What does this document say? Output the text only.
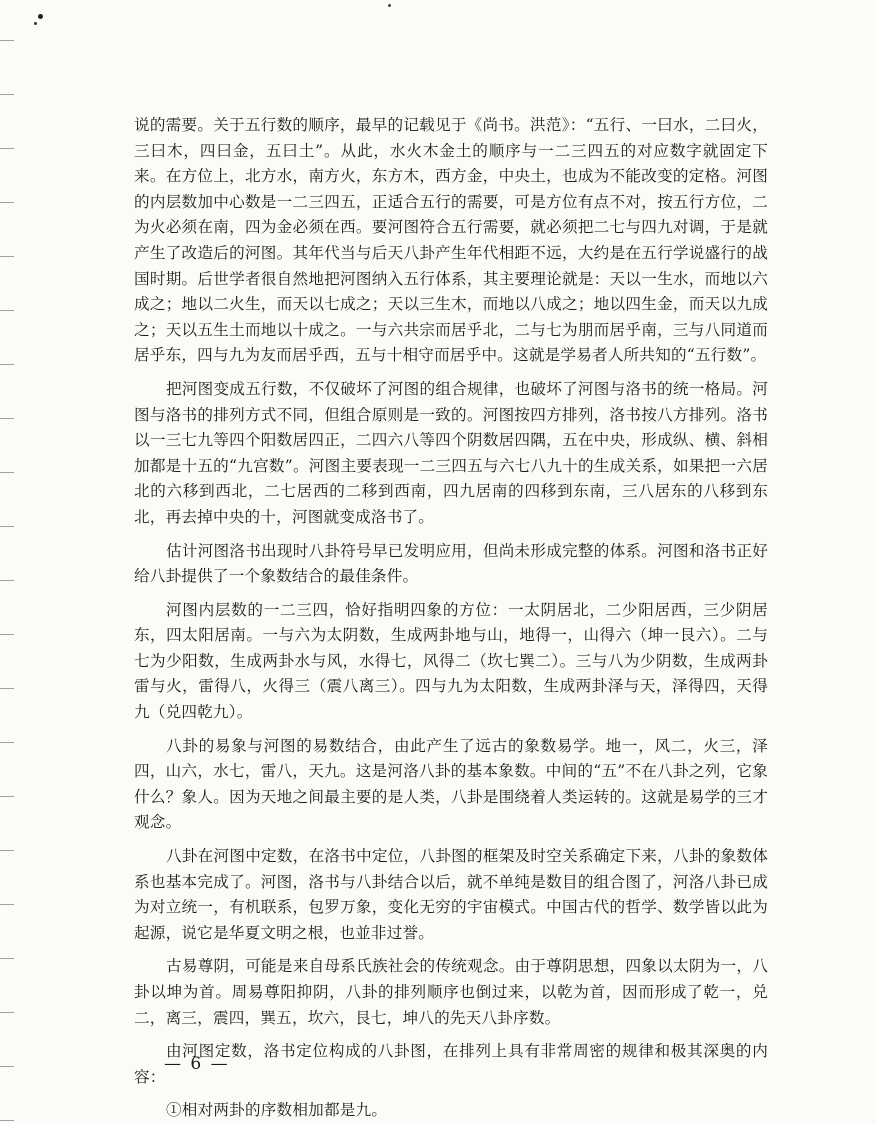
说的需要。关于五行数的顺序，最早的记载见于《尚书。洪范》：“五行、一曰水，二曰火，三曰木，四曰金，五曰土”。从此，水火木金土的顺序与一二三四五的对应数字就固定下来。在方位上，北方水，南方火，东方木，西方金，中央土，也成为不能改变的定格。河图的内层数加中心数是一二三四五，正适合五行的需要，可是方位有点不对，按五行方位，二为火必须在南，四为金必须在西。要河图符合五行需要，就必须把二七与四九对调，于是就产生了改造后的河图。其年代当与后天八卦产生年代相距不远，大约是在五行学说盛行的战国时期。后世学者很自然地把河图纳入五行体系，其主要理论就是：天以一生水，而地以六成之；地以二火生，而天以七成之；天以三生木，而地以八成之；地以四生金，而天以九成之；天以五生土而地以十成之。一与六共宗而居乎北，二与七为朋而居乎南，三与八同道而居乎东，四与九为友而居乎西，五与十相守而居乎中。这就是学易者人所共知的“五行数”。

把河图变成五行数，不仅破坏了河图的组合规律，也破坏了河图与洛书的统一格局。河图与洛书的排列方式不同，但组合原则是一致的。河图按四方排列，洛书按八方排列。洛书以一三七九等四个阳数居四正，二四六八等四个阴数居四隅，五在中央，形成纵、横、斜相加都是十五的“九宫数”。河图主要表现一二三四五与六七八九十的生成关系，如果把一六居北的六移到西北，二七居西的二移到西南，四九居南的四移到东南，三八居东的八移到东北，再去掉中央的十，河图就变成洛书了。

估计河图洛书出现时八卦符号早已发明应用，但尚未形成完整的体系。河图和洛书正好给八卦提供了一个象数结合的最佳条件。

河图内层数的一二三四，恰好指明四象的方位：一太阴居北，二少阳居西，三少阴居东，四太阳居南。一与六为太阴数，生成两卦地与山，地得一，山得六（坤一艮六）。二与七为少阳数，生成两卦水与风，水得七，风得二（坎七巽二）。三与八为少阴数，生成两卦雷与火，雷得八，火得三（震八离三）。四与九为太阳数，生成两卦泽与天，泽得四，天得九（兑四乾九）。

八卦的易象与河图的易数结合，由此产生了远古的象数易学。地一，风二，火三，泽四，山六，水七，雷八，天九。这是河洛八卦的基本象数。中间的“五”不在八卦之列，它象什么？象人。因为天地之间最主要的是人类，八卦是围绕着人类运转的。这就是易学的三才观念。

八卦在河图中定数，在洛书中定位，八卦图的框架及时空关系确定下来，八卦的象数体系也基本完成了。河图，洛书与八卦结合以后，就不单纯是数目的组合图了，河洛八卦已成为对立统一，有机联系，包罗万象，变化无穷的宇宙模式。中国古代的哲学、数学皆以此为起源，说它是华夏文明之根，也並非过誉。

古易尊阴，可能是来自母系氏族社会的传统观念。由于尊阴思想，四象以太阴为一，八卦以坤为首。周易尊阳抑阴，八卦的排列顺序也倒过来，以乾为首，因而形成了乾一，兑二，离三，震四，巽五，坎六，艮七，坤八的先天八卦序数。

由河图定数，洛书定位构成的八卦图，在排列上具有非常周密的规律和极其深奥的内容：

①相对两卦的序数相加都是九。

— 6 —
